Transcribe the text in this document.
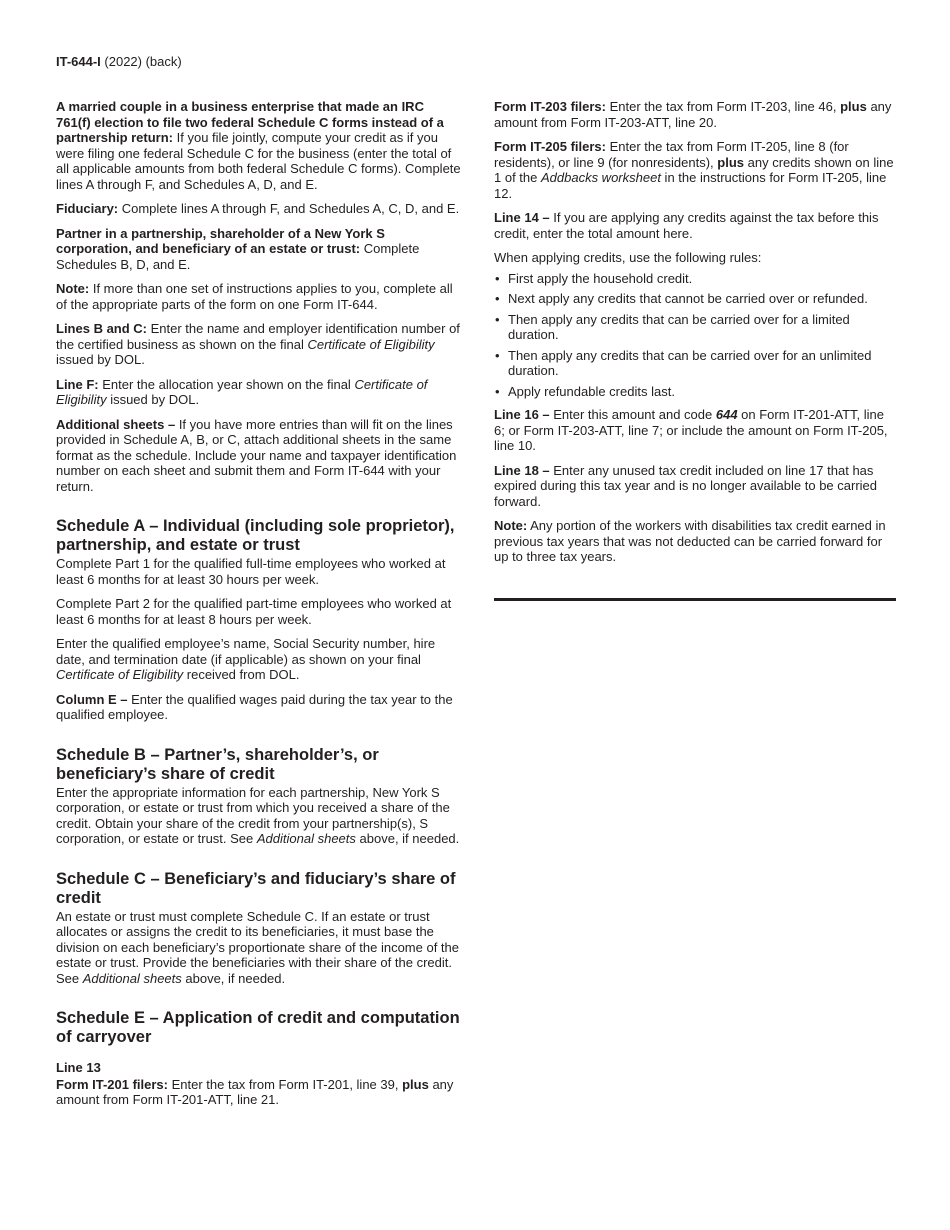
IT-644-I (2022) (back)

A married couple in a business enterprise that made an IRC 761(f) election to file two federal Schedule C forms instead of a partnership return: If you file jointly, compute your credit as if you were filing one federal Schedule C for the business (enter the total of all applicable amounts from both federal Schedule C forms). Complete lines A through F, and Schedules A, D, and E.

Fiduciary: Complete lines A through F, and Schedules A, C, D, and E.

Partner in a partnership, shareholder of a New York S corporation, and beneficiary of an estate or trust: Complete Schedules B, D, and E.

Note: If more than one set of instructions applies to you, complete all of the appropriate parts of the form on one Form IT-644.

Lines B and C: Enter the name and employer identification number of the certified business as shown on the final Certificate of Eligibility issued by DOL.

Line F: Enter the allocation year shown on the final Certificate of Eligibility issued by DOL.

Additional sheets – If you have more entries than will fit on the lines provided in Schedule A, B, or C, attach additional sheets in the same format as the schedule. Include your name and taxpayer identification number on each sheet and submit them and Form IT-644 with your return.

Schedule A – Individual (including sole proprietor), partnership, and estate or trust

Complete Part 1 for the qualified full-time employees who worked at least 6 months for at least 30 hours per week.

Complete Part 2 for the qualified part-time employees who worked at least 6 months for at least 8 hours per week.

Enter the qualified employee’s name, Social Security number, hire date, and termination date (if applicable) as shown on your final Certificate of Eligibility received from DOL.

Column E – Enter the qualified wages paid during the tax year to the qualified employee.

Schedule B – Partner’s, shareholder’s, or beneficiary’s share of credit

Enter the appropriate information for each partnership, New York S corporation, or estate or trust from which you received a share of the credit. Obtain your share of the credit from your partnership(s), S corporation, or estate or trust. See Additional sheets above, if needed.

Schedule C – Beneficiary’s and fiduciary’s share of credit

An estate or trust must complete Schedule C. If an estate or trust allocates or assigns the credit to its beneficiaries, it must base the division on each beneficiary’s proportionate share of the income of the estate or trust. Provide the beneficiaries with their share of the credit. See Additional sheets above, if needed.

Schedule E – Application of credit and computation of carryover
Line 13

Form IT-201 filers: Enter the tax from Form IT-201, line 39, plus any amount from Form IT-201-ATT, line 21.

Form IT-203 filers: Enter the tax from Form IT-203, line 46, plus any amount from Form IT-203-ATT, line 20.

Form IT-205 filers: Enter the tax from Form IT-205, line 8 (for residents), or line 9 (for nonresidents), plus any credits shown on line 1 of the Addbacks worksheet in the instructions for Form IT-205, line 12.

Line 14 – If you are applying any credits against the tax before this credit, enter the total amount here.

When applying credits, use the following rules:

• First apply the household credit.
• Next apply any credits that cannot be carried over or refunded.
• Then apply any credits that can be carried over for a limited duration.
• Then apply any credits that can be carried over for an unlimited duration.
• Apply refundable credits last.

Line 16 – Enter this amount and code 644 on Form IT-201-ATT, line 6; or Form IT-203-ATT, line 7; or include the amount on Form IT-205, line 10.

Line 18 – Enter any unused tax credit included on line 17 that has expired during this tax year and is no longer available to be carried forward.

Note: Any portion of the workers with disabilities tax credit earned in previous tax years that was not deducted can be carried forward for up to three tax years.
